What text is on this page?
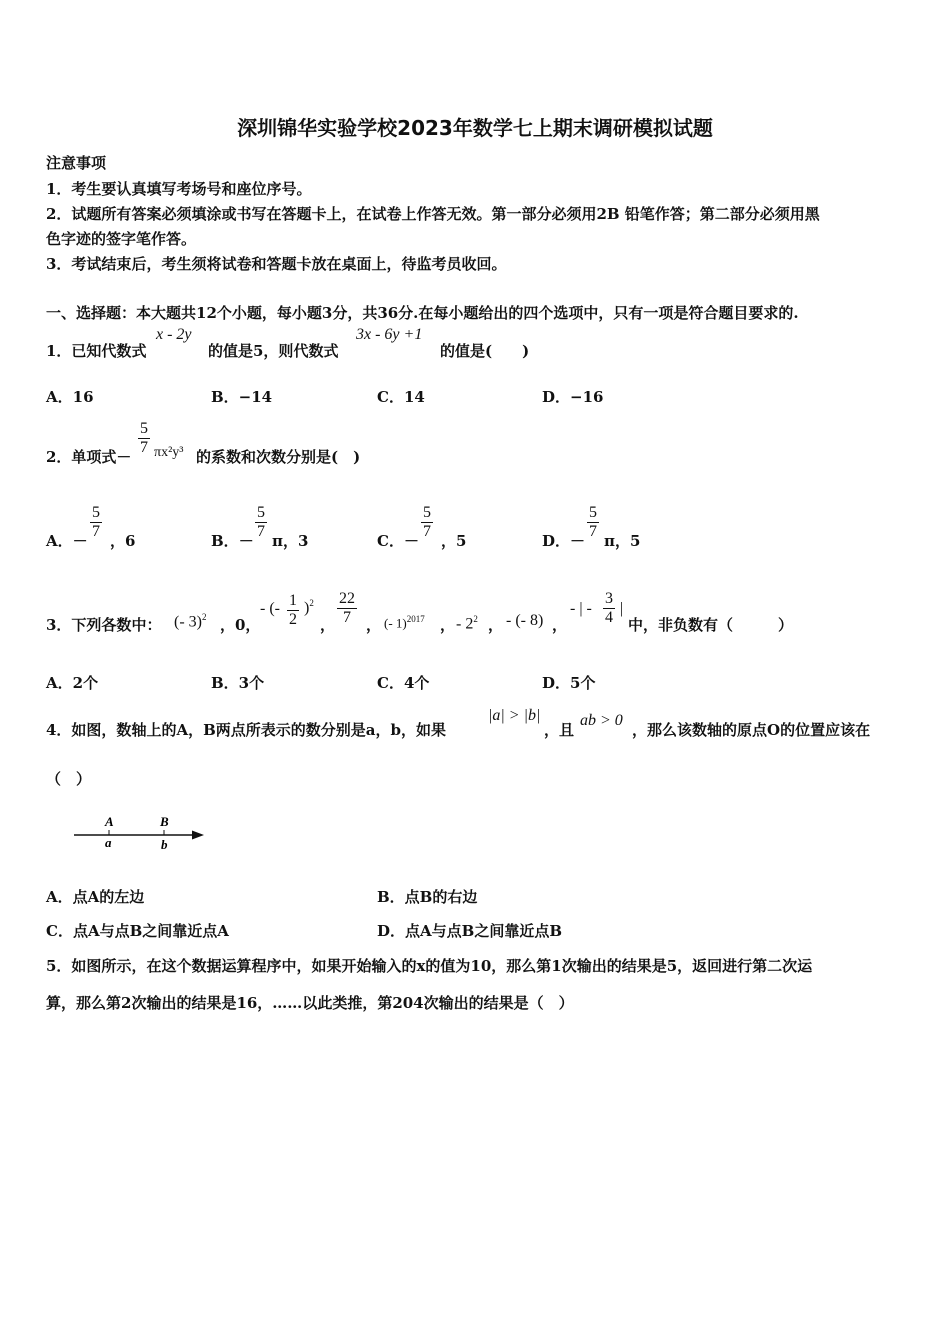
深圳锦华实验学校2023年数学七上期末调研模拟试题
注意事项
1．考生要认真填写考场号和座位序号。
2．试题所有答案必须填涂或书写在答题卡上，在试卷上作答无效。第一部分必须用2B 铅笔作答；第二部分必须用黑
色字迹的签字笔作答。
3．考试结束后，考生须将试卷和答题卡放在桌面上，待监考员收回。
一、选择题：本大题共12个小题，每小题3分，共36分.在每小题给出的四个选项中，只有一项是符合题目要求的.
1．已知代数式
x - 2y
的值是5，则代数式
3x - 6y +1
的值是(　　)
A．16	B．−14	C．14	D．−16
2．单项式－ $\frac{5}{7} \pi x^2y^3$ 的系数和次数分别是(　)
A．－ $\frac{5}{7}$ ，6	B．－ $\frac{5}{7}$ π，3	C．－ $\frac{5}{7}$ ，5	D．－ $\frac{5}{7}$ π，5
3．下列各数中： (- 3)$^2$ ，0，
- (- $\frac{1}{2} )^2$
， $\frac{22}{7}$ ， (- 1)$^{2017}$ ， - $2^2$ ， - (- 8) ，
- | - $\frac{3}{4}$ |
中，非负数有（　　　）
A．2个	B．3个	C．4个	D．5个
4．如图，数轴上的A，B两点所表示的数分别是a，b，如果
|a| > |b|
，且
ab > 0
，那么该数轴的原点O的位置应该在
（　）
A	B
a	b
A．点A的左边	B．点B的右边
C．点A与点B之间靠近点A	D．点A与点B之间靠近点B
5．如图所示，在这个数据运算程序中，如果开始输入的x的值为10，那么第1次输出的结果是5，返回进行第二次运
算，那么第2次输出的结果是16，……以此类推，第204次输出的结果是（　）
